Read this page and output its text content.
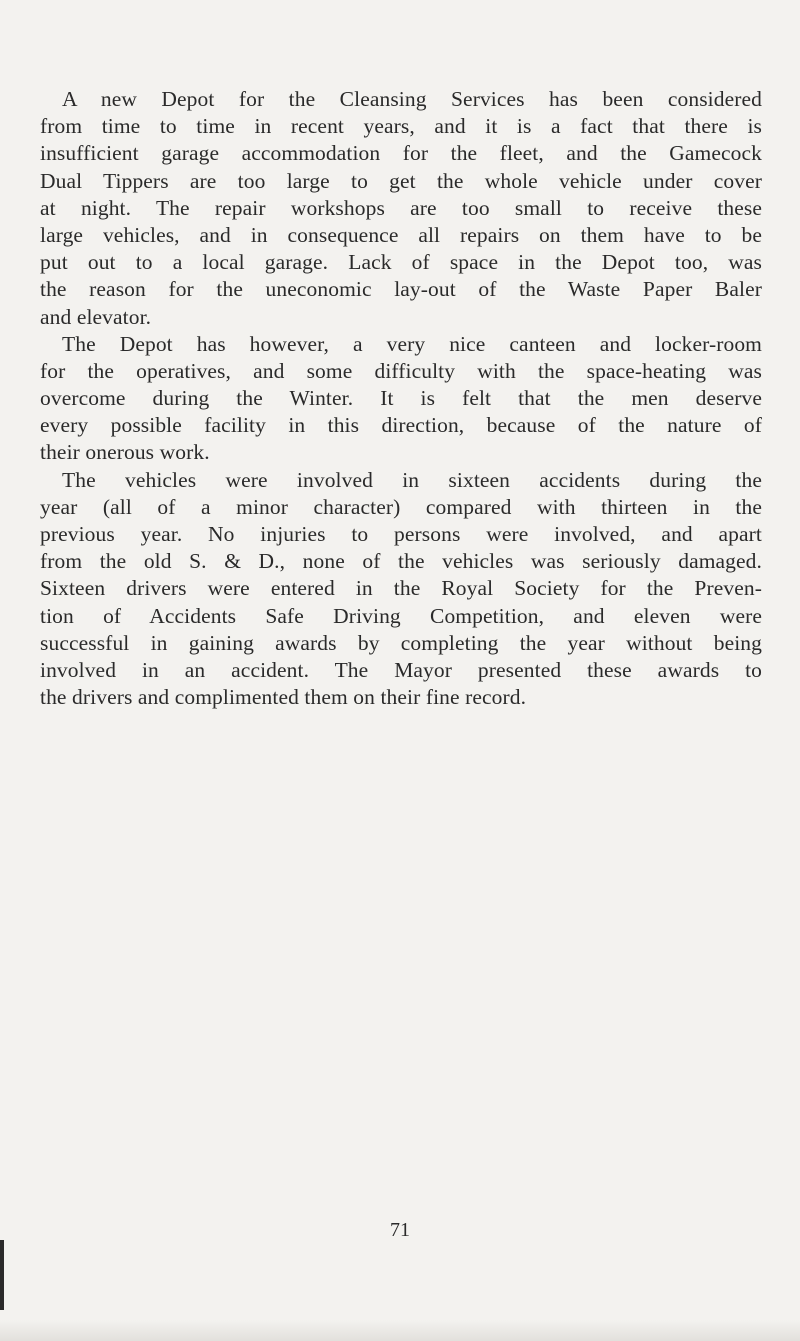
A new Depot for the Cleansing Services has been considered
from time to time in recent years, and it is a fact that there is
insufficient garage accommodation for the fleet, and the Gamecock
Dual Tippers are too large to get the whole vehicle under cover
at night. The repair workshops are too small to receive these
large vehicles, and in consequence all repairs on them have to be
put out to a local garage. Lack of space in the Depot too, was
the reason for the uneconomic lay-out of the Waste Paper Baler
and elevator.
The Depot has however, a very nice canteen and locker-room
for the operatives, and some difficulty with the space-heating was
overcome during the Winter. It is felt that the men deserve
every possible facility in this direction, because of the nature of
their onerous work.
The vehicles were involved in sixteen accidents during the
year (all of a minor character) compared with thirteen in the
previous year. No injuries to persons were involved, and apart
from the old S. & D., none of the vehicles was seriously damaged.
Sixteen drivers were entered in the Royal Society for the Preven-
tion of Accidents Safe Driving Competition, and eleven were
successful in gaining awards by completing the year without being
involved in an accident. The Mayor presented these awards to
the drivers and complimented them on their fine record.
71
